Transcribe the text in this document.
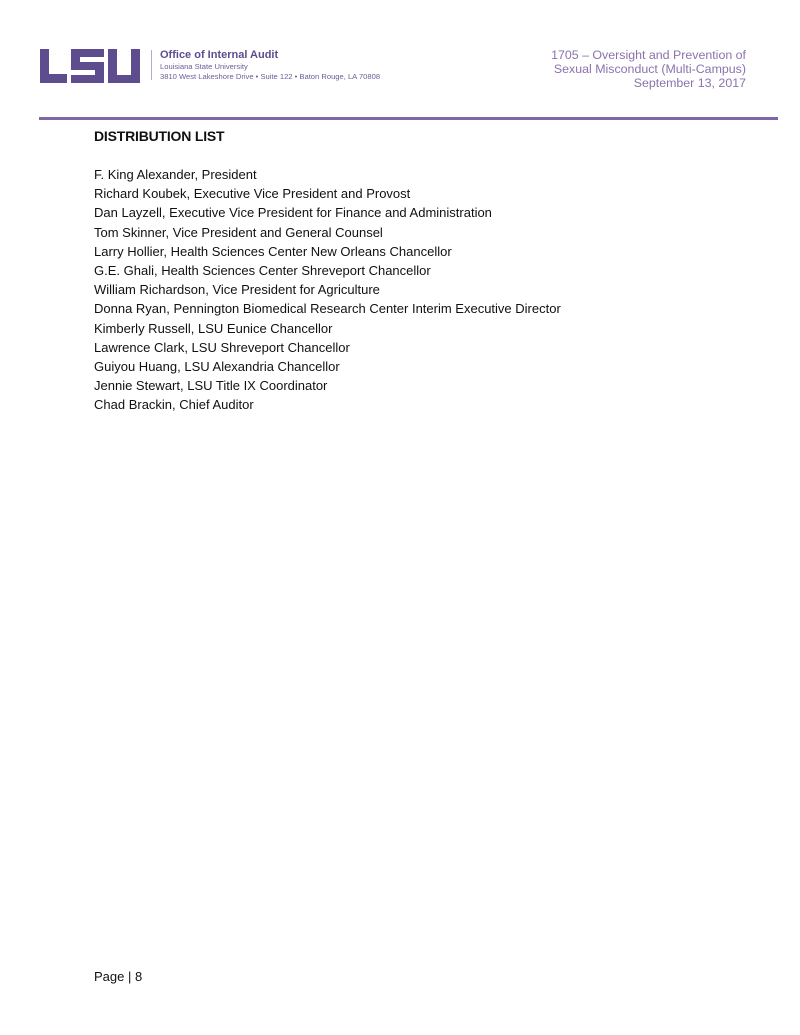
Office of Internal Audit
Louisiana State University
3810 West Lakeshore Drive • Suite 122 • Baton Rouge, LA 70808
1705 – Oversight and Prevention of
Sexual Misconduct (Multi-Campus)
September 13, 2017
DISTRIBUTION LIST
F. King Alexander, President
Richard Koubek, Executive Vice President and Provost
Dan Layzell, Executive Vice President for Finance and Administration
Tom Skinner, Vice President and General Counsel
Larry Hollier, Health Sciences Center New Orleans Chancellor
G.E. Ghali, Health Sciences Center Shreveport Chancellor
William Richardson, Vice President for Agriculture
Donna Ryan, Pennington Biomedical Research Center Interim Executive Director
Kimberly Russell, LSU Eunice Chancellor
Lawrence Clark, LSU Shreveport Chancellor
Guiyou Huang, LSU Alexandria Chancellor
Jennie Stewart, LSU Title IX Coordinator
Chad Brackin, Chief Auditor
Page | 8
